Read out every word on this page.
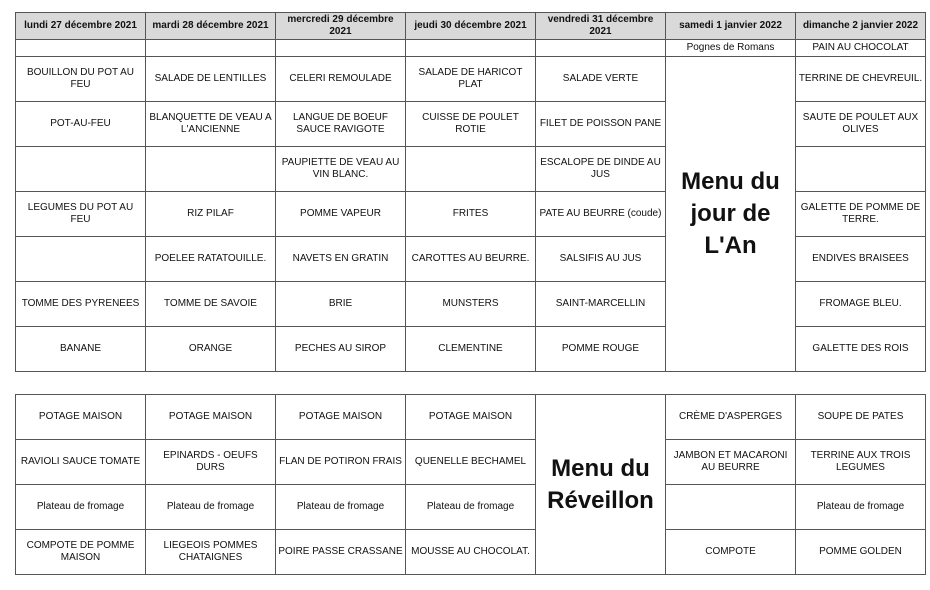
lundi 27 décembre 2021	mardi 28 décembre 2021	mercredi 29 décembre 2021	jeudi 30 décembre 2021	vendredi 31 décembre 2021	samedi 1 janvier 2022	dimanche 2 janvier 2022
					Pognes de Romans	PAIN AU CHOCOLAT
BOUILLON DU POT AU FEU	SALADE DE LENTILLES	CELERI REMOULADE	SALADE DE HARICOT PLAT	SALADE VERTE	Menu du jour de L'An	TERRINE DE CHEVREUIL.
POT-AU-FEU	BLANQUETTE DE VEAU A L'ANCIENNE	LANGUE DE BOEUF SAUCE RAVIGOTE	CUISSE DE POULET ROTIE	FILET DE POISSON PANE		SAUTE DE POULET AUX OLIVES
		PAUPIETTE DE VEAU AU VIN BLANC.		ESCALOPE DE DINDE AU JUS		
LEGUMES DU POT AU FEU	RIZ PILAF	POMME VAPEUR	FRITES	PATE AU BEURRE (coude)		GALETTE DE POMME DE TERRE.
	POELEE RATATOUILLE.	NAVETS EN GRATIN	CAROTTES AU BEURRE.	SALSIFIS AU JUS		ENDIVES BRAISEES
TOMME DES PYRENEES	TOMME DE SAVOIE	BRIE	MUNSTERS	SAINT-MARCELLIN		FROMAGE BLEU.
BANANE	ORANGE	PECHES AU SIROP	CLEMENTINE	POMME ROUGE		GALETTE DES ROIS
POTAGE MAISON	POTAGE MAISON	POTAGE MAISON	POTAGE MAISON	Menu du Réveillon	CRÈME D'ASPERGES	SOUPE DE PATES
RAVIOLI SAUCE TOMATE	EPINARDS - OEUFS DURS	FLAN DE POTIRON FRAIS	QUENELLE BECHAMEL		JAMBON ET MACARONI AU BEURRE	TERRINE AUX TROIS LEGUMES
Plateau de fromage	Plateau de fromage	Plateau de fromage	Plateau de fromage			Plateau de fromage
COMPOTE DE POMME MAISON	LIEGEOIS POMMES CHATAIGNES	POIRE PASSE CRASSANE	MOUSSE AU CHOCOLAT.		COMPOTE	POMME GOLDEN
